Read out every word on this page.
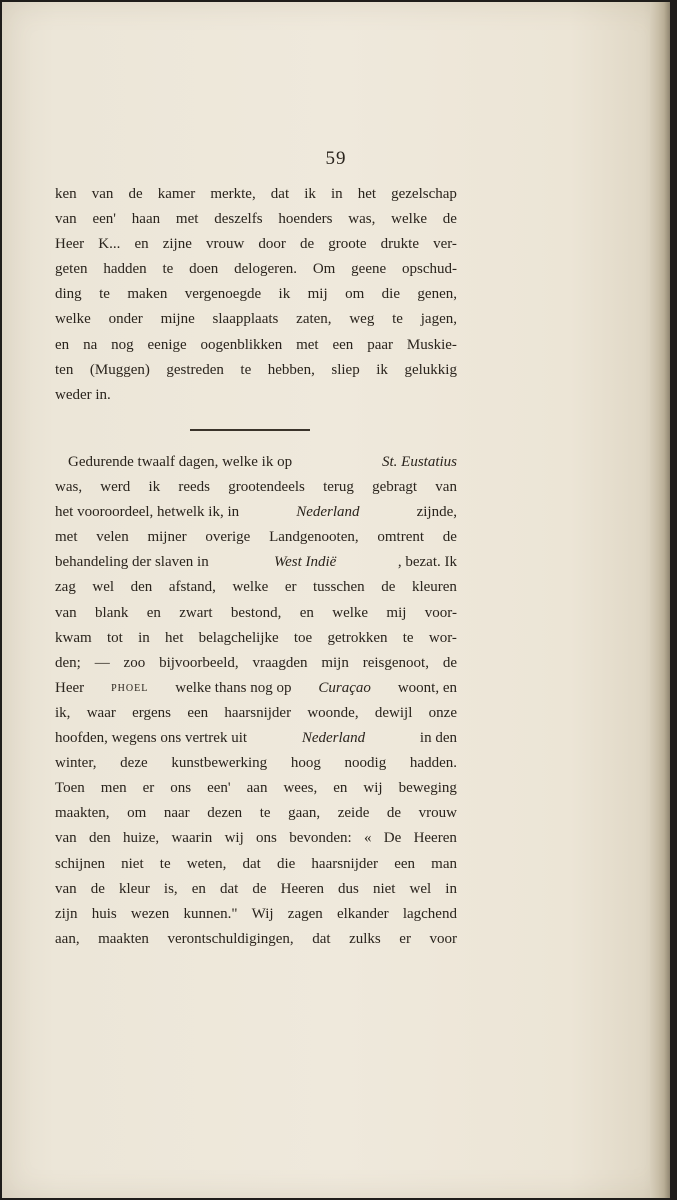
59
ken van de kamer merkte, dat ik in het gezelschap
van een' haan met deszelfs hoenders was, welke de
Heer K... en zijne vrouw door de groote drukte ver-
geten hadden te doen delogeren. Om geene opschud-
ding te maken vergenoegde ik mij om die genen,
welke onder mijne slaapplaats zaten, weg te jagen,
en na nog eenige oogenblikken met een paar Muskie-
ten (Muggen) gestreden te hebben, sliep ik gelukkig
weder in.
Gedurende twaalf dagen, welke ik op	St. Eustatius
was, werd ik reeds grootendeels terug gebragt van
het vooroordeel, hetwelk ik, in	Nederland	zijnde,
met velen mijner overige Landgenooten, omtrent de
behandeling der slaven in	West Indië	, bezat. Ik
zag wel den afstand, welke er tusschen de kleuren
van blank en zwart bestond, en welke mij voor-
kwam tot in het belagchelijke toe getrokken te wor-
den; — zoo bijvoorbeeld, vraagden mijn reisgenoot, de
Heer PHOEL welke thans nog op Curaçao woont, en
ik, waar ergens een haarsnijder woonde, dewijl onze
hoofden, wegens ons vertrek uit	Nederland	in den
winter, deze kunstbewerking hoog noodig hadden.
Toen men er ons een' aan wees, en wij beweging
maakten, om naar dezen te gaan, zeide de vrouw
van den huize, waarin wij ons bevonden: « De Heeren
schijnen niet te weten, dat die haarsnijder een man
van de kleur is, en dat de Heeren dus niet wel in
zijn huis wezen kunnen." Wij zagen elkander lagchend
aan, maakten verontschuldigingen, dat zulks er voor
